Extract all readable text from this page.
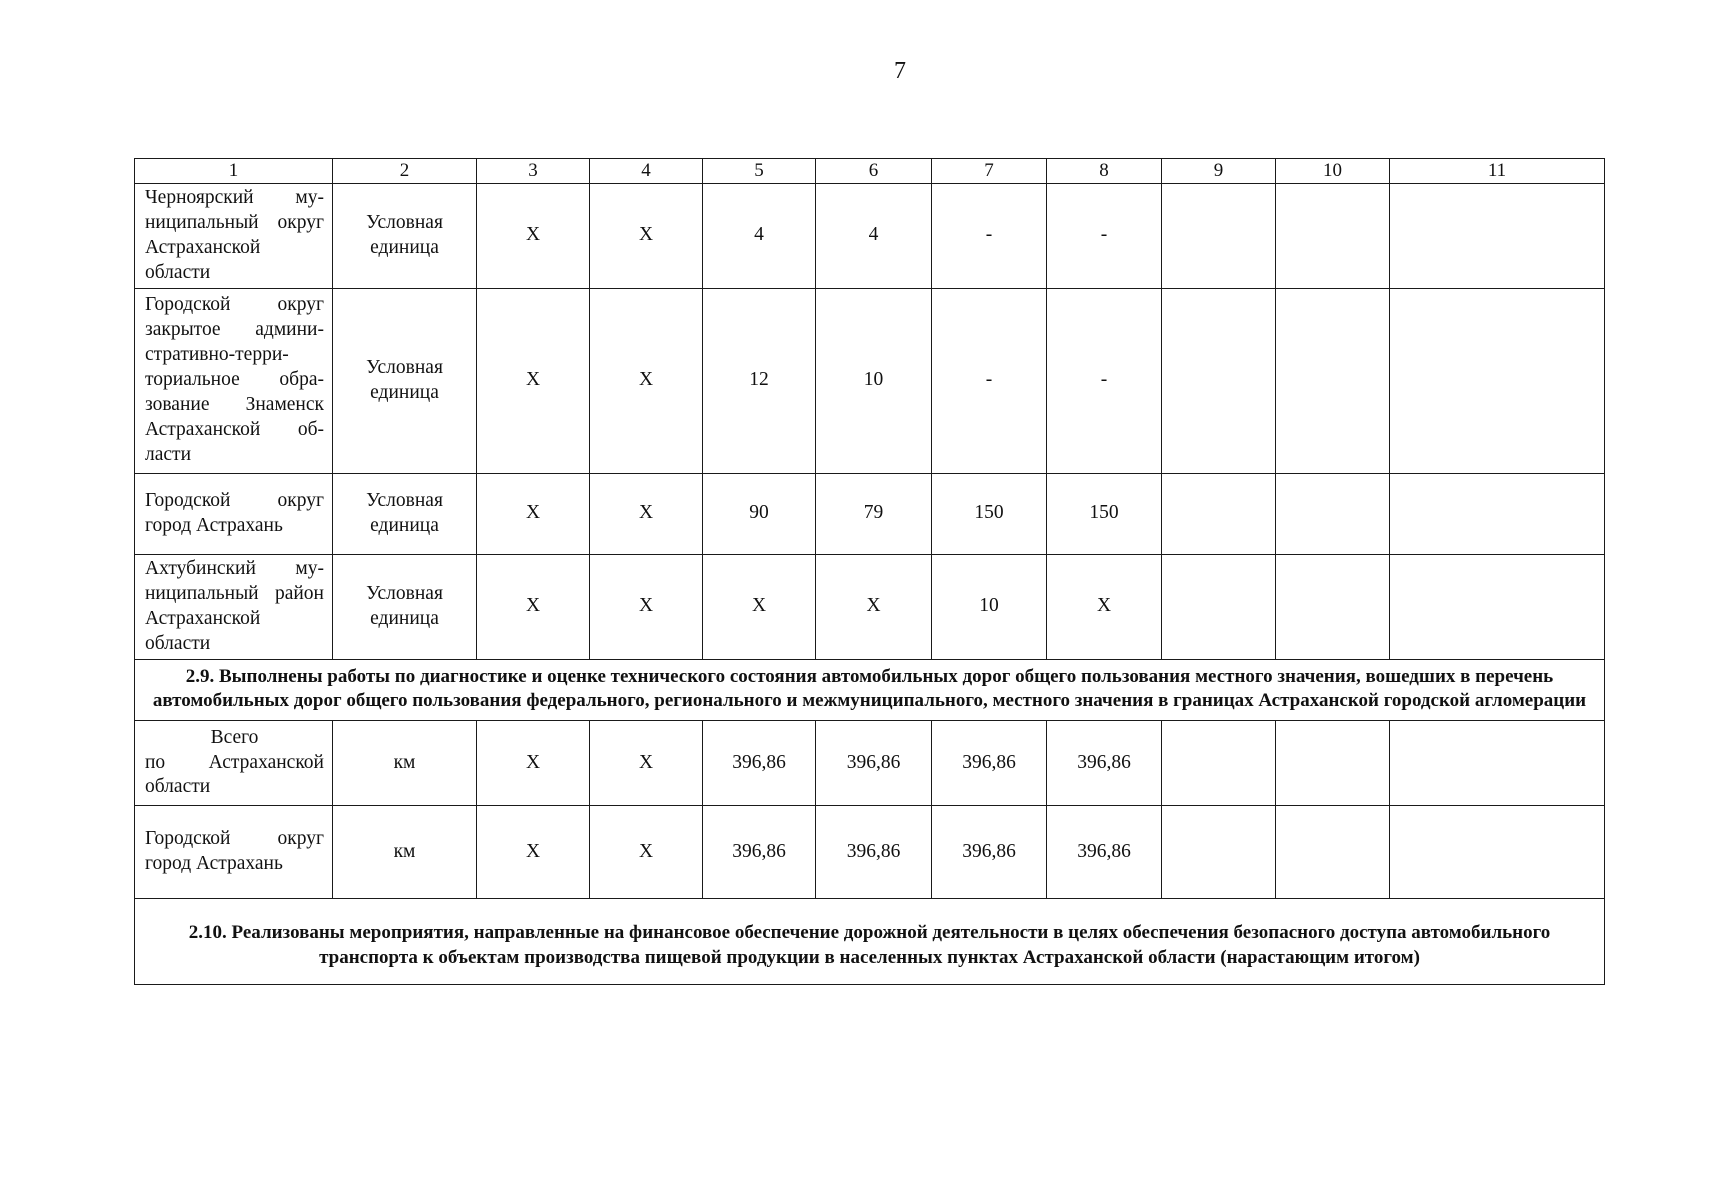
7
1	2	3	4	5	6	7	8	9	10	11
Черноярский муниципальный округ Астраханской области	Условная единица	X	X	4	4	-	-			
Городской округ закрытое административно-территориальное образование Знаменск Астраханской области	Условная единица	X	X	12	10	-	-			
Городской округ город Астрахань	Условная единица	X	X	90	79	150	150			
Ахтубинский муниципальный район Астраханской области	Условная единица	X	X	X	X	10	X			
2.9. Выполнены работы по диагностике и оценке технического состояния автомобильных дорог общего пользования местного значения, вошедших в перечень автомобильных дорог общего пользования федерального, регионального и межмуниципального, местного значения в границах Астраханской городской агломерации										

Всего
по Астраханской области	км	X	X	396,86	396,86	396,86	396,86			
Городской округ город Астрахань	км	X	X	396,86	396,86	396,86	396,86			
2.10. Реализованы мероприятия, направленные на финансовое обеспечение дорожной деятельности в целях обеспечения безопасного доступа автомобильного транспорта к объектам производства пищевой продукции в населенных пунктах Астраханской области (нарастающим итогом)										
